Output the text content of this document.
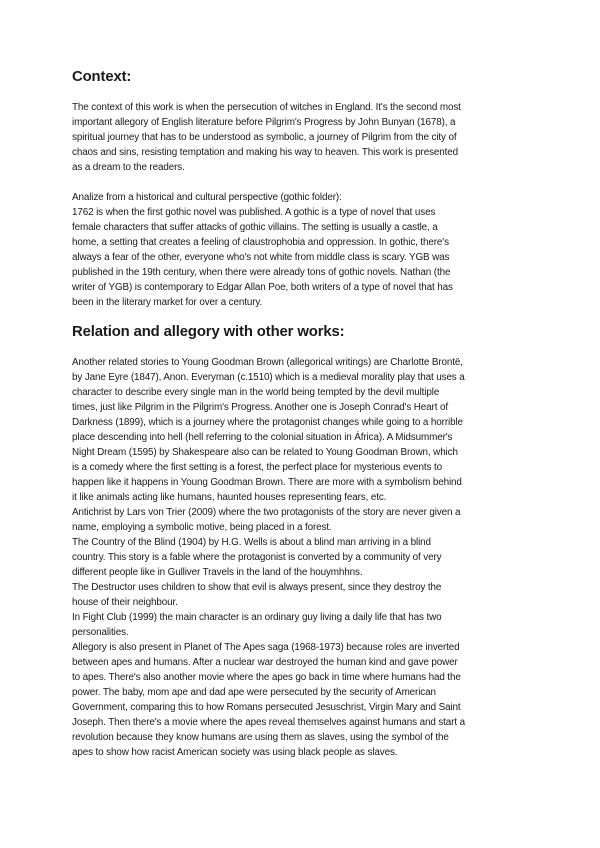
Context:

The context of this work is when the persecution of witches in England. It's the second most
important allegory of English literature before Pilgrim's Progress by John Bunyan (1678), a
spiritual journey that has to be understood as symbolic, a journey of Pilgrim from the city of
chaos and sins, resisting temptation and making his way to heaven. This work is presented
as a dream to the readers.

Analize from a historical and cultural perspective (gothic folder):
1762 is when the first gothic novel was published. A gothic is a type of novel that uses
female characters that suffer attacks of gothic villains. The setting is usually a castle, a
home, a setting that creates a feeling of claustrophobia and oppression. In gothic, there's
always a fear of the other, everyone who's not white from middle class is scary. YGB was
published in the 19th century, when there were already tons of gothic novels. Nathan (the
writer of YGB) is contemporary to Edgar Allan Poe, both writers of a type of novel that has
been in the literary market for over a century.

Relation and allegory with other works:

Another related stories to Young Goodman Brown (allegorical writings) are Charlotte Brontë,
by Jane Eyre (1847), Anon. Everyman (c.1510) which is a medieval morality play that uses a
character to describe every single man in the world being tempted by the devil multiple
times, just like Pilgrim in the Pilgrim's Progress. Another one is Joseph Conrad's Heart of
Darkness (1899), which is a journey where the protagonist changes while going to a horrible
place descending into hell (hell referring to the colonial situation in África). A Midsummer's
Night Dream (1595) by Shakespeare also can be related to Young Goodman Brown, which
is a comedy where the first setting is a forest, the perfect place for mysterious events to
happen like it happens in Young Goodman Brown. There are more with a symbolism behind
it like animals acting like humans, haunted houses representing fears, etc.
Antichrist by Lars von Trier (2009) where the two protagonists of the story are never given a
name, employing a symbolic motive, being placed in a forest.
The Country of the Blind (1904) by H.G. Wells is about a blind man arriving in a blind
country. This story is a fable where the protagonist is converted by a community of very
different people like in Gulliver Travels in the land of the houymhhns.
The Destructor uses children to show that evil is always present, since they destroy the
house of their neighbour.
In Fight Club (1999) the main character is an ordinary guy living a daily life that has two
personalities.
Allegory is also present in Planet of The Apes saga (1968-1973) because roles are inverted
between apes and humans. After a nuclear war destroyed the human kind and gave power
to apes. There's also another movie where the apes go back in time where humans had the
power. The baby, mom ape and dad ape were persecuted by the security of American
Government, comparing this to how Romans persecuted Jesuschrist, Virgin Mary and Saint
Joseph. Then there's a movie where the apes reveal themselves against humans and start a
revolution because they know humans are using them as slaves, using the symbol of the
apes to show how racist American society was using black people as slaves.
